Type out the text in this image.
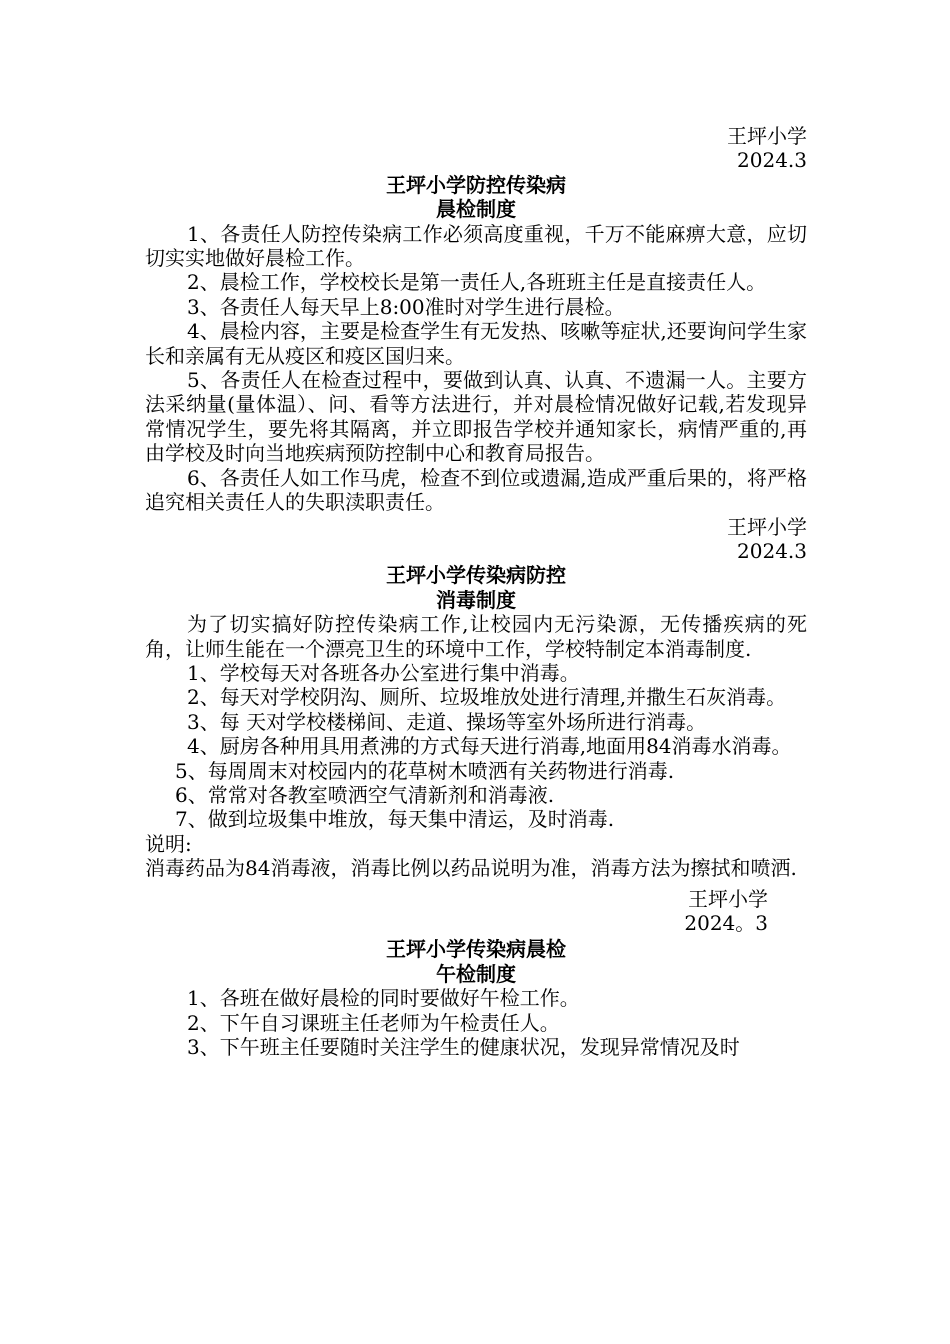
王坪小学
2024.3
王坪小学防控传染病
晨检制度
1、各责任人防控传染病工作必须高度重视，千万不能麻痹大意，应切切实实地做好晨检工作。
2、晨检工作，学校校长是第一责任人,各班班主任是直接责任人。
3、各责任人每天早上8:00准时对学生进行晨检。
4、晨检内容，主要是检查学生有无发热、咳嗽等症状,还要询问学生家长和亲属有无从疫区和疫区国归来。
5、各责任人在检查过程中，要做到认真、认真、不遗漏一人。主要方法采纳量(量体温）、问、看等方法进行，并对晨检情况做好记载,若发现异常情况学生，要先将其隔离，并立即报告学校并通知家长，病情严重的,再由学校及时向当地疾病预防控制中心和教育局报告。
6、各责任人如工作马虎，检查不到位或遗漏,造成严重后果的，将严格追究相关责任人的失职渎职责任。
王坪小学
2024.3
王坪小学传染病防控
消毒制度
为了切实搞好防控传染病工作,让校园内无污染源，无传播疾病的死角，让师生能在一个漂亮卫生的环境中工作，学校特制定本消毒制度.
1、学校每天对各班各办公室进行集中消毒。
2、每天对学校阴沟、厕所、垃圾堆放处进行清理,并撒生石灰消毒。
3、每 天对学校楼梯间、走道、操场等室外场所进行消毒。
4、厨房各种用具用煮沸的方式每天进行消毒,地面用84消毒水消毒。
5、每周周末对校园内的花草树木喷洒有关药物进行消毒.
6、常常对各教室喷洒空气清新剂和消毒液.
7、做到垃圾集中堆放，每天集中清运，及时消毒.
说明:
消毒药品为84消毒液，消毒比例以药品说明为准，消毒方法为擦拭和喷洒.
王坪小学
2024。3
王坪小学传染病晨检
午检制度
1、各班在做好晨检的同时要做好午检工作。
2、下午自习课班主任老师为午检责任人。
3、下午班主任要随时关注学生的健康状况，发现异常情况及时
